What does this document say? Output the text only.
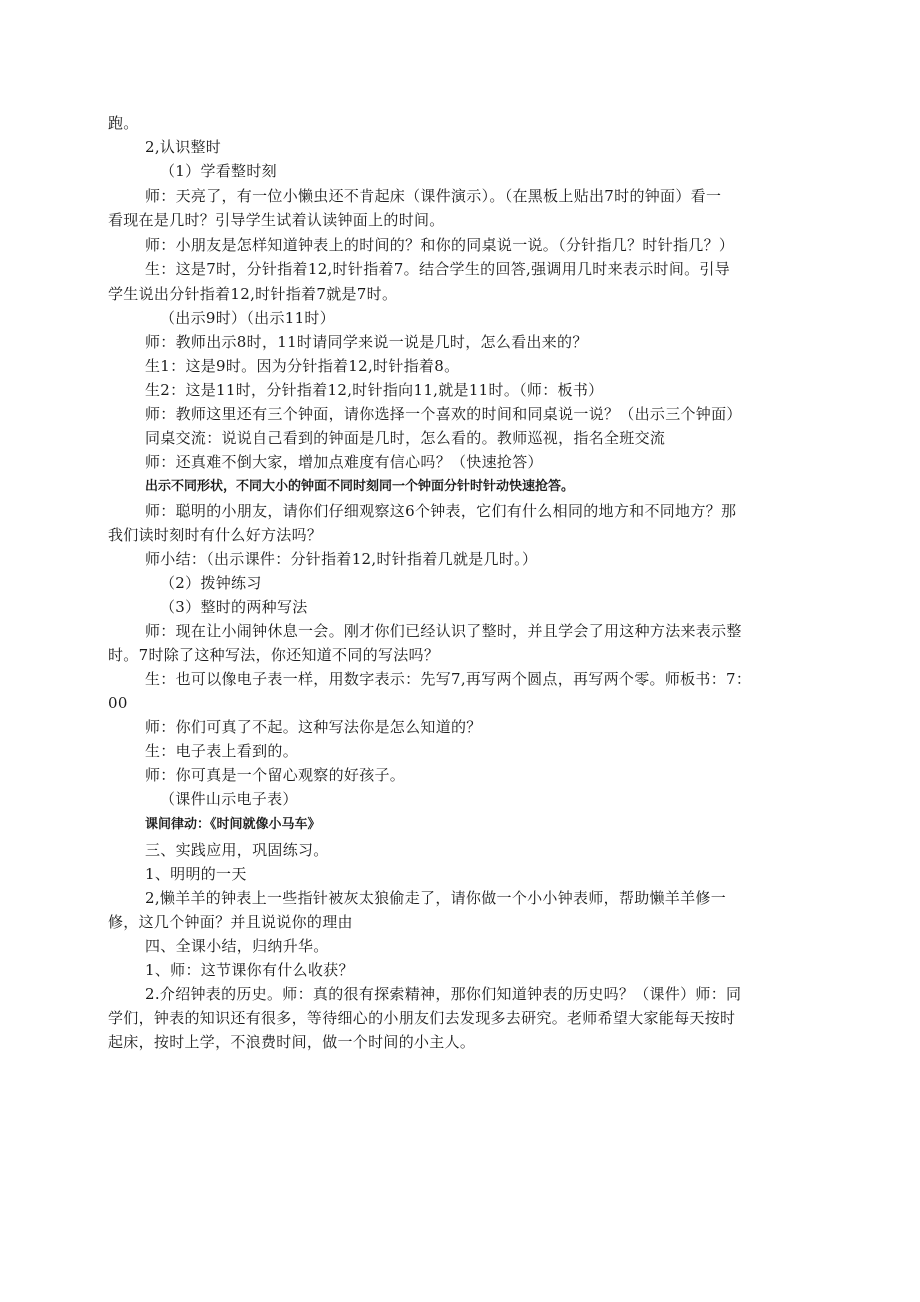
跑。
2,认识整时
（1）学看整时刻
师：天亮了，有一位小懒虫还不肯起床（课件演示）。（在黑板上贴出7时的钟面）看一
看现在是几时？引导学生试着认读钟面上的时间。
师：小朋友是怎样知道钟表上的时间的？和你的同桌说一说。（分针指几？时针指几？）
生：这是7时，分针指着12,时针指着7。结合学生的回答,强调用几时来表示时间。引导
学生说出分针指着12,时针指着7就是7时。
（出示9时）（出示11时）
师：教师出示8时，11时请同学来说一说是几时，怎么看出来的？
生1：这是9时。因为分针指着12,时针指着8。
生2：这是11时，分针指着12,时针指向11,就是11时。（师：板书）
师：教师这里还有三个钟面，请你选择一个喜欢的时间和同桌说一说？（出示三个钟面）
同桌交流：说说自己看到的钟面是几时，怎么看的。教师巡视，指名全班交流
师：还真难不倒大家，增加点难度有信心吗？（快速抢答）
出示不同形状，不同大小的钟面不同时刻同一个钟面分针时针动快速抢答。
师：聪明的小朋友，请你们仔细观察这6个钟表，它们有什么相同的地方和不同地方？那
我们读时刻时有什么好方法吗？
师小结：（出示课件：分针指着12,时针指着几就是几时。）
（2）拨钟练习
（3）整时的两种写法
师：现在让小闹钟休息一会。刚才你们已经认识了整时，并且学会了用这种方法来表示整
时。7时除了这种写法，你还知道不同的写法吗？
生：也可以像电子表一样，用数字表示：先写7,再写两个圆点，再写两个零。师板书：7：
00
师：你们可真了不起。这种写法你是怎么知道的？
生：电子表上看到的。
师：你可真是一个留心观察的好孩子。
（课件山示电子表）
课间律动：《时间就像小马车》
三、实践应用，巩固练习。
1、明明的一天
2,懒羊羊的钟表上一些指针被灰太狼偷走了，请你做一个小小钟表师，帮助懒羊羊修一
修，这几个钟面？并且说说你的理由
四、全课小结，归纳升华。
1、师：这节课你有什么收获？
2.介绍钟表的历史。师：真的很有探索精神，那你们知道钟表的历史吗？（课件）师：同
学们，钟表的知识还有很多，等待细心的小朋友们去发现多去研究。老师希望大家能每天按时
起床，按时上学，不浪费时间，做一个时间的小主人。
